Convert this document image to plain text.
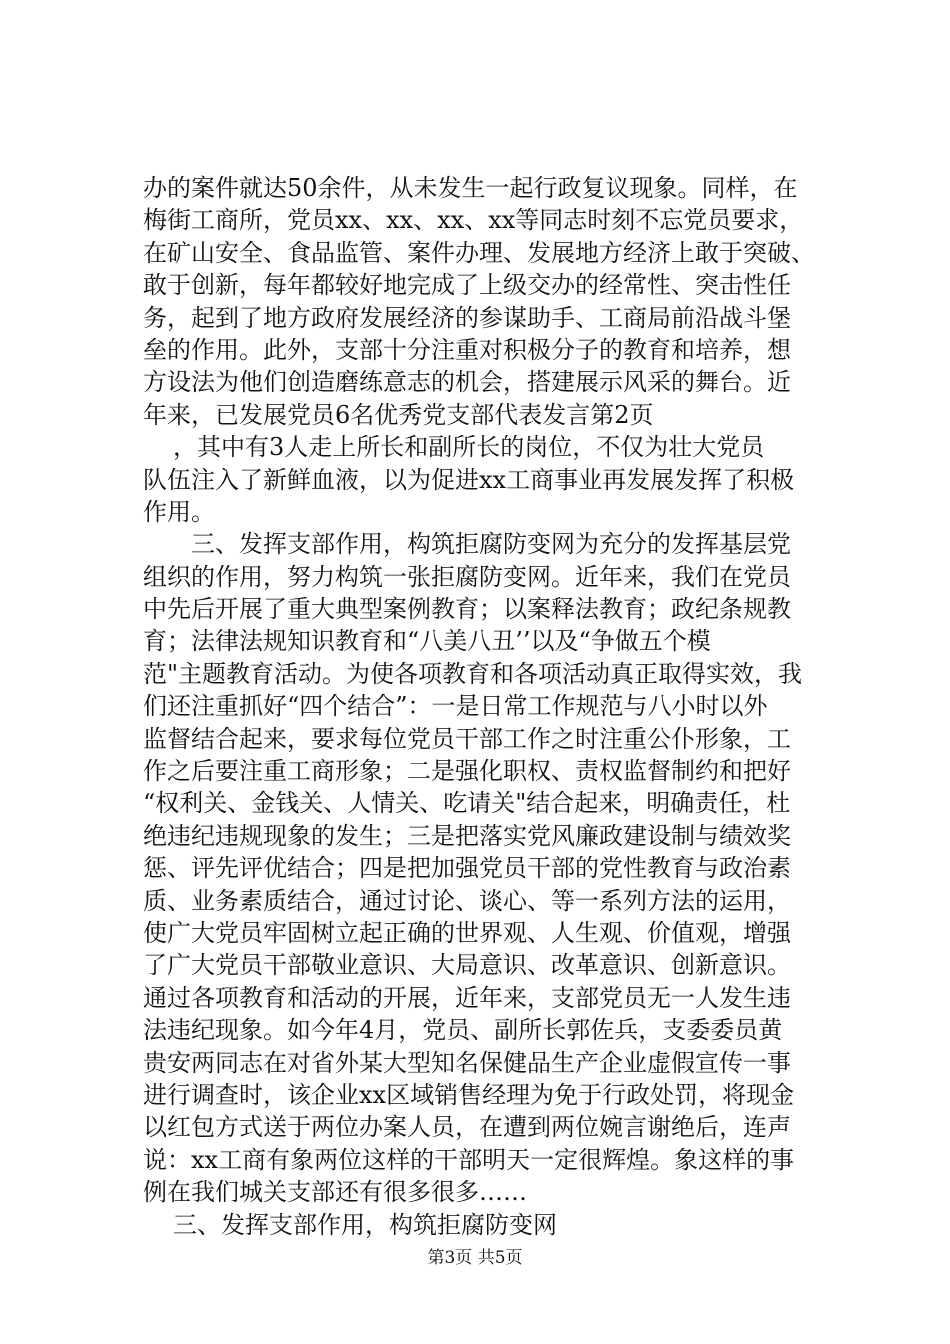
办的案件就达50余件，从未发生一起行政复议现象。同样，在
梅街工商所，党员xx、xx、xx、xx等同志时刻不忘党员要求，
在矿山安全、食品监管、案件办理、发展地方经济上敢于突破、
敢于创新，每年都较好地完成了上级交办的经常性、突击性任
务，起到了地方政府发展经济的参谋助手、工商局前沿战斗堡
垒的作用。此外，支部十分注重对积极分子的教育和培养，想
方设法为他们创造磨练意志的机会，搭建展示风采的舞台。近
年来，已发展党员6名优秀党支部代表发言第2页
，其中有3人走上所长和副所长的岗位，不仅为壮大党员
队伍注入了新鲜血液，以为促进xx工商事业再发展发挥了积极
作用。
三、发挥支部作用，构筑拒腐防变网为充分的发挥基层党
组织的作用，努力构筑一张拒腐防变网。近年来，我们在党员
中先后开展了重大典型案例教育；以案释法教育；政纪条规教
育；法律法规知识教育和“八美八丑’’以及“争做五个模
范"主题教育活动。为使各项教育和各项活动真正取得实效，我
们还注重抓好“四个结合”：一是日常工作规范与八小时以外
监督结合起来，要求每位党员干部工作之时注重公仆形象，工
作之后要注重工商形象；二是强化职权、责权监督制约和把好
“权利关、金钱关、人情关、吃请关"结合起来，明确责任，杜
绝违纪违规现象的发生；三是把落实党风廉政建设制与绩效奖
惩、评先评优结合；四是把加强党员干部的党性教育与政治素
质、业务素质结合，通过讨论、谈心、等一系列方法的运用，
使广大党员牢固树立起正确的世界观、人生观、价值观，增强
了广大党员干部敬业意识、大局意识、改革意识、创新意识。
通过各项教育和活动的开展，近年来，支部党员无一人发生违
法违纪现象。如今年4月，党员、副所长郭佐兵，支委委员黄
贵安两同志在对省外某大型知名保健品生产企业虚假宣传一事
进行调查时，该企业xx区域销售经理为免于行政处罚，将现金
以红包方式送于两位办案人员，在遭到两位婉言谢绝后，连声
说：xx工商有象两位这样的干部明天一定很辉煌。象这样的事
例在我们城关支部还有很多很多……
三、发挥支部作用，构筑拒腐防变网
第3页 共5页
